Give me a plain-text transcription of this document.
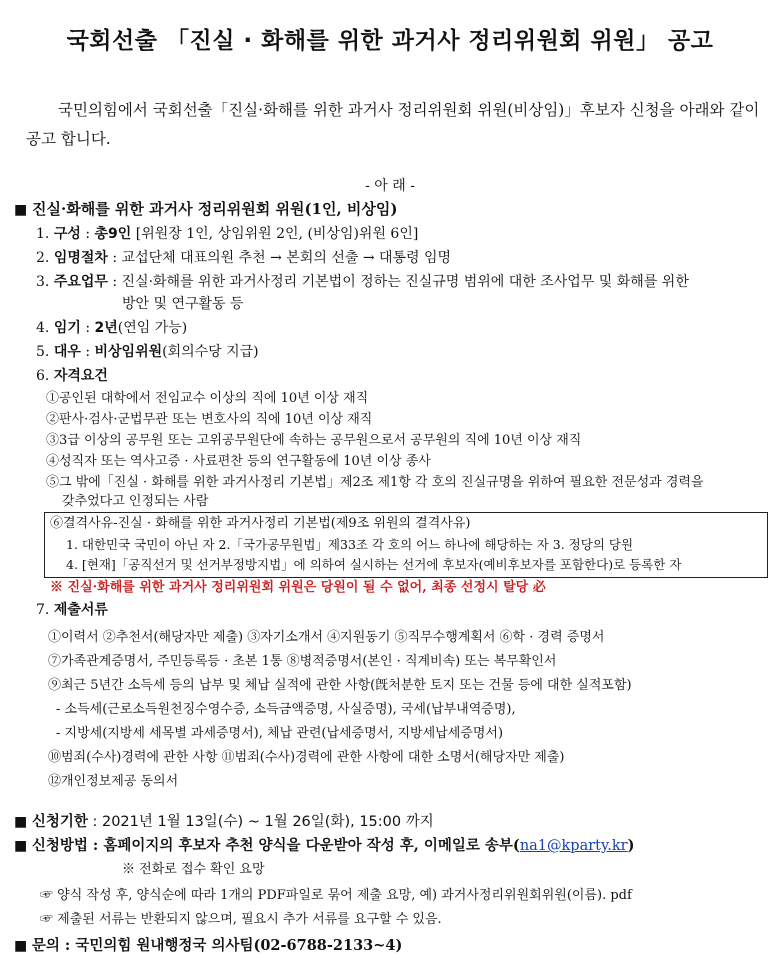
국회선출 「진실 · 화해를 위한 과거사 정리위원회 위원」 공고
국민의힘에서 국회선출「진실·화해를 위한 과거사 정리위원회 위원(비상임)」후보자 신청을 아래와 같이 공고 합니다.
- 아 래 -
■ 진실·화해를 위한 과거사 정리위원회 위원(1인, 비상임)
1. 구성 : 총9인 [위원장 1인, 상임위원 2인, (비상임)위원 6인]
2. 임명절차 : 교섭단체 대표의원 추천 → 본회의 선출 → 대통령 임명
3. 주요업무 : 진실·화해를 위한 과거사정리 기본법이 정하는 진실규명 범위에 대한 조사업무 및 화해를 위한
방안 및 연구활동 등
4. 임기 : 2년(연임 가능)
5. 대우 : 비상임위원(회의수당 지급)
6. 자격요건
①공인된 대학에서 전임교수 이상의 직에 10년 이상 재직
②판사·검사·군법무관 또는 변호사의 직에 10년 이상 재직
③3급 이상의 공무원 또는 고위공무원단에 속하는 공무원으로서 공무원의 직에 10년 이상 재직
④성직자 또는 역사고증 · 사료편찬 등의 연구활동에 10년 이상 종사
⑤그 밖에「진실 · 화해를 위한 과거사정리 기본법」제2조 제1항 각 호의 진실규명을 위하여 필요한 전문성과 경력을
갖추었다고 인정되는 사람
⑥결격사유-진실 · 화해를 위한 과거사정리 기본법(제9조 위원의 결격사유)
1. 대한민국 국민이 아닌 자 2.「국가공무원법」제33조 각 호의 어느 하나에 해당하는 자 3. 정당의 당원
4. [현재]「공직선거 및 선거부정방지법」에 의하여 실시하는 선거에 후보자(예비후보자를 포함한다)로 등록한 자
※ 진실·화해를 위한 과거사 정리위원회 위원은 당원이 될 수 없어, 최종 선정시 탈당 必
7. 제출서류
①이력서 ②추천서(해당자만 제출) ③자기소개서 ④지원동기 ⑤직무수행계획서 ⑥학 · 경력 증명서
⑦가족관계증명서, 주민등록등 · 초본 1통 ⑧병적증명서(본인 · 직계비속) 또는 복무확인서
⑨최근 5년간 소득세 등의 납부 및 체납 실적에 관한 사항(旣처분한 토지 또는 건물 등에 대한 실적포함)
- 소득세(근로소득원천징수영수증, 소득금액증명, 사실증명), 국세(납부내역증명),
- 지방세(지방세 세목별 과세증명서), 체납 관련(납세증명서, 지방세납세증명서)
⑩범죄(수사)경력에 관한 사항 ⑪범죄(수사)경력에 관한 사항에 대한 소명서(해당자만 제출)
⑫개인정보제공 동의서
■ 신청기한 : 2021년 1월 13일(수) ~ 1월 26일(화), 15:00 까지
■ 신청방법 : 홈페이지의 후보자 추천 양식을 다운받아 작성 후, 이메일로 송부(na1@kparty.kr)
※ 전화로 접수 확인 요망
☞ 양식 작성 후, 양식순에 따라 1개의 PDF파일로 묶어 제출 요망, 예) 과거사정리위원회위원(이름). pdf
☞ 제출된 서류는 반환되지 않으며, 필요시 추가 서류를 요구할 수 있음.
■ 문의 : 국민의힘 원내행정국 의사팀(02-6788-2133~4)
